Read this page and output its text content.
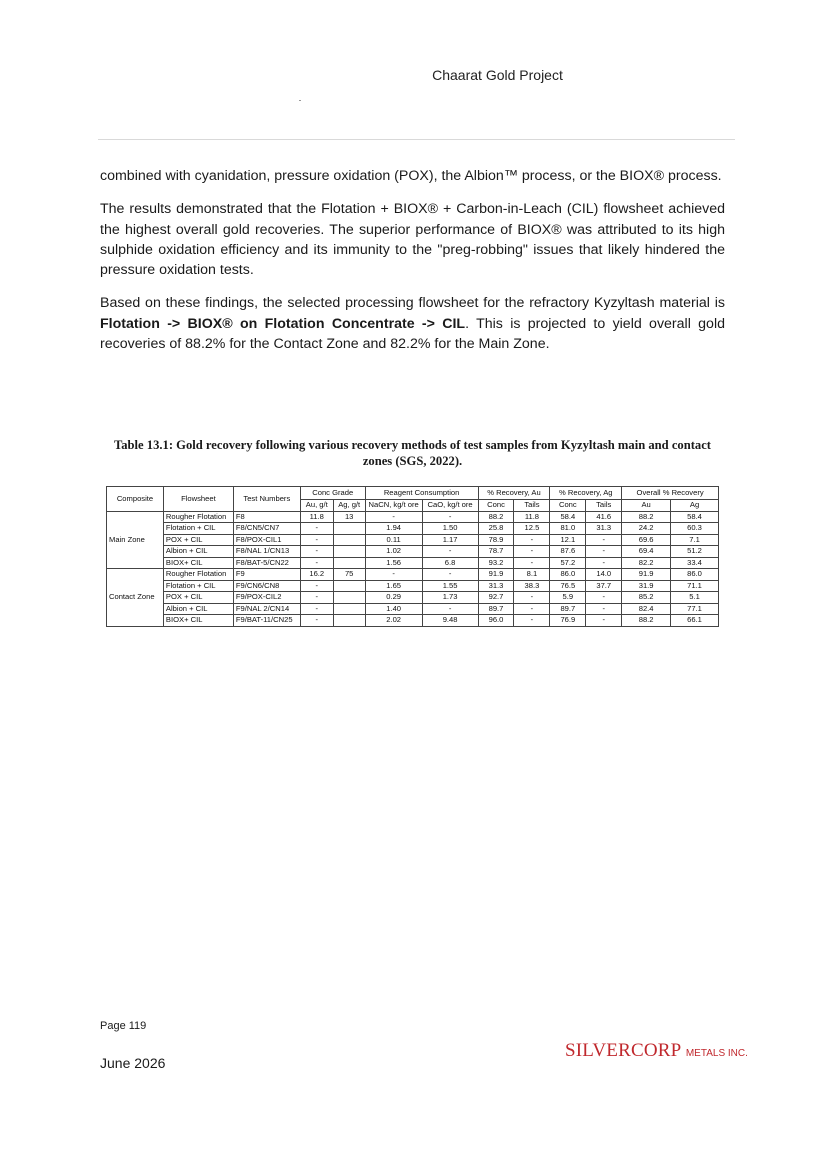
Chaarat Gold Project

combined with cyanidation, pressure oxidation (POX), the Albion™ process, or the BIOX® process.

The results demonstrated that the Flotation + BIOX® + Carbon-in-Leach (CIL) flowsheet achieved the highest overall gold recoveries. The superior performance of BIOX® was attributed to its high sulphide oxidation efficiency and its immunity to the "preg-robbing" issues that likely hindered the pressure oxidation tests.

Based on these findings, the selected processing flowsheet for the refractory Kyzyltash material is Flotation -> BIOX® on Flotation Concentrate -> CIL. This is projected to yield overall gold recoveries of 88.2% for the Contact Zone and 82.2% for the Main Zone.

Table 13.1: Gold recovery following various recovery methods of test samples from Kyzyltash main and contact zones (SGS, 2022).
Composite	Flowsheet	Test Numbers	Conc Grade		Reagent Consumption		% Recovery, Au		% Recovery, Ag		Overall % Recovery	
			Au, g/t	Ag, g/t	NaCN, kg/t ore	CaO, kg/t ore	Conc	Tails	Conc	Tails	Au	Ag
Main Zone	Rougher Flotation	F8	11.8	13	-	-	88.2	11.8	58.4	41.6	88.2	58.4
	Flotation + CIL	F8/CN5/CN7	-		1.94	1.50	25.8	12.5	81.0	31.3	24.2	60.3
	POX + CIL	F8/POX-CIL1	-		0.11	1.17	78.9	-	12.1	-	69.6	7.1
	Albion + CIL	F8/NAL 1/CN13	-		1.02	-	78.7	-	87.6	-	69.4	51.2
	BIOX+ CIL	F8/BAT-5/CN22	-		1.56	6.8	93.2	-	57.2	-	82.2	33.4
Contact Zone	Rougher Flotation	F9	16.2	75	-	-	91.9	8.1	86.0	14.0	91.9	86.0
	Flotation + CIL	F9/CN6/CN8	-		1.65	1.55	31.3	38.3	76.5	37.7	31.9	71.1
	POX + CIL	F9/POX-CIL2	-		0.29	1.73	92.7	-	5.9	-	85.2	5.1
	Albion + CIL	F9/NAL 2/CN14	-		1.40	-	89.7	-	89.7	-	82.4	77.1
	BIOX+ CIL	F9/BAT-11/CN25	-		2.02	9.48	96.0	-	76.9	-	88.2	66.1
Page 119
June 2026
SILVERCORP METALS INC.
